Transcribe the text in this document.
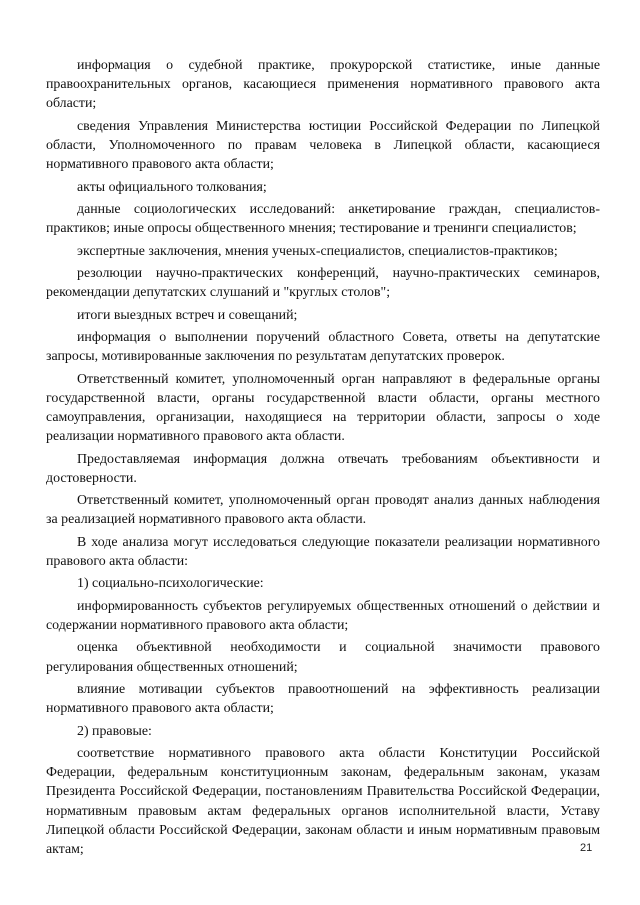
информация о судебной практике, прокурорской статистике, иные данные правоохранительных органов, касающиеся применения нормативного правового акта области;

сведения Управления Министерства юстиции Российской Федерации по Липецкой области, Уполномоченного по правам человека в Липецкой области, касающиеся нормативного правового акта области;

акты официального толкования;

данные социологических исследований: анкетирование граждан, специалистов-практиков; иные опросы общественного мнения; тестирование и тренинги специалистов;

экспертные заключения, мнения ученых-специалистов, специалистов-практиков;

резолюции научно-практических конференций, научно-практических семинаров, рекомендации депутатских слушаний и "круглых столов";

итоги выездных встреч и совещаний;

информация о выполнении поручений областного Совета, ответы на депутатские запросы, мотивированные заключения по результатам депутатских проверок.

Ответственный комитет, уполномоченный орган направляют в федеральные органы государственной власти, органы государственной власти области, органы местного самоуправления, организации, находящиеся на территории области, запросы о ходе реализации нормативного правового акта области.

Предоставляемая информация должна отвечать требованиям объективности и достоверности.

Ответственный комитет, уполномоченный орган проводят анализ данных наблюдения за реализацией нормативного правового акта области.

В ходе анализа могут исследоваться следующие показатели реализации нормативного правового акта области:

1) социально-психологические:

информированность субъектов регулируемых общественных отношений о действии и содержании нормативного правового акта области;

оценка объективной необходимости и социальной значимости правового регулирования общественных отношений;

влияние мотивации субъектов правоотношений на эффективность реализации нормативного правового акта области;

2) правовые:

соответствие нормативного правового акта области Конституции Российской Федерации, федеральным конституционным законам, федеральным законам, указам Президента Российской Федерации, постановлениям Правительства Российской Федерации, нормативным правовым актам федеральных органов исполнительной власти, Уставу Липецкой области Российской Федерации, законам области и иным нормативным правовым актам;	21
